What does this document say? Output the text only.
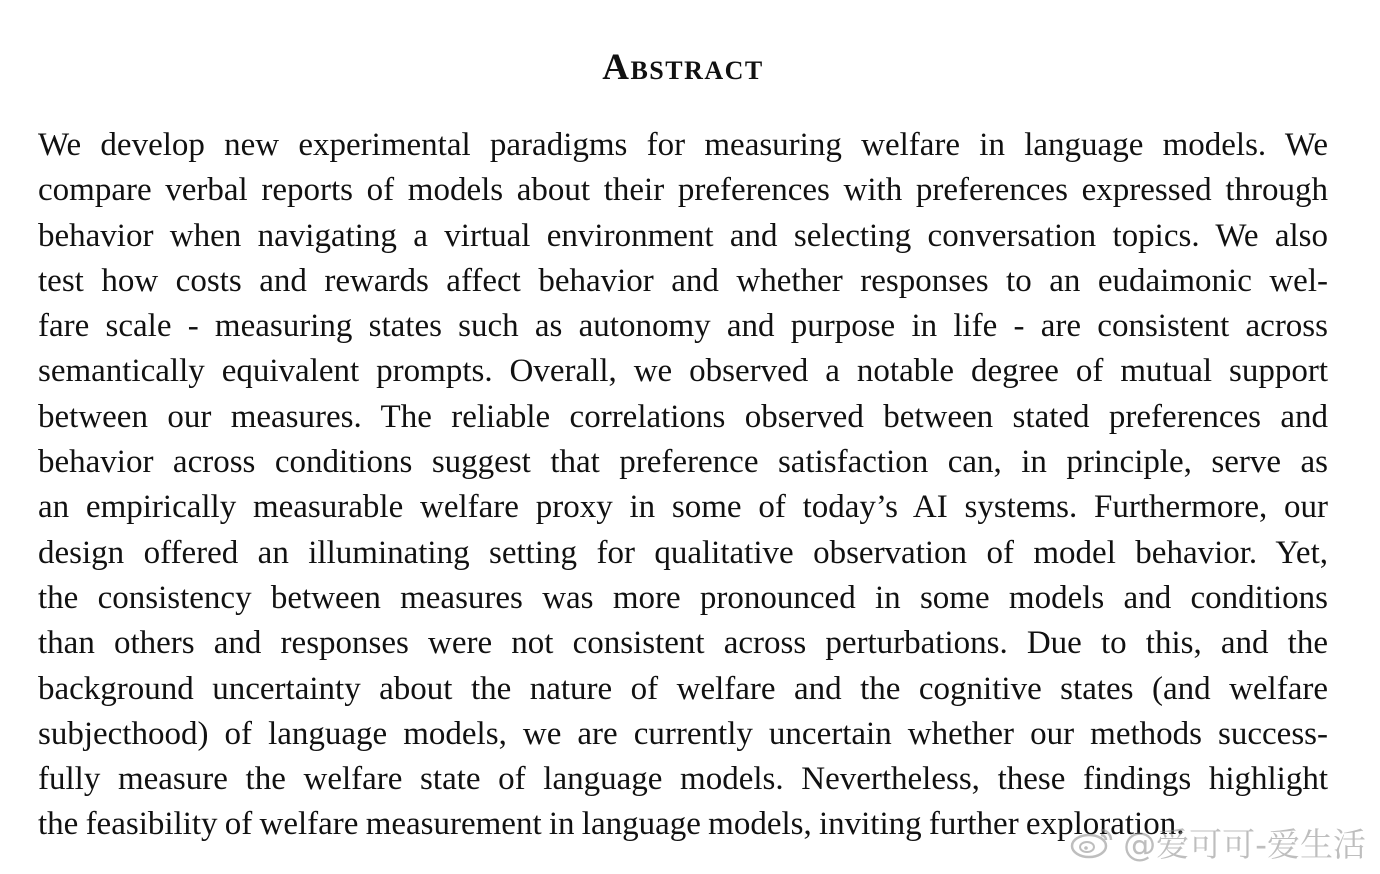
Abstract
We develop new experimental paradigms for measuring welfare in language models. We
compare verbal reports of models about their preferences with preferences expressed through
behavior when navigating a virtual environment and selecting conversation topics. We also
test how costs and rewards affect behavior and whether responses to an eudaimonic wel-
fare scale - measuring states such as autonomy and purpose in life - are consistent across
semantically equivalent prompts. Overall, we observed a notable degree of mutual support
between our measures. The reliable correlations observed between stated preferences and
behavior across conditions suggest that preference satisfaction can, in principle, serve as
an empirically measurable welfare proxy in some of today’s AI systems. Furthermore, our
design offered an illuminating setting for qualitative observation of model behavior. Yet,
the consistency between measures was more pronounced in some models and conditions
than others and responses were not consistent across perturbations. Due to this, and the
background uncertainty about the nature of welfare and the cognitive states (and welfare
subjecthood) of language models, we are currently uncertain whether our methods success-
fully measure the welfare state of language models. Nevertheless, these findings highlight
the feasibility of welfare measurement in language models, inviting further exploration.
@爱可可-爱生活
